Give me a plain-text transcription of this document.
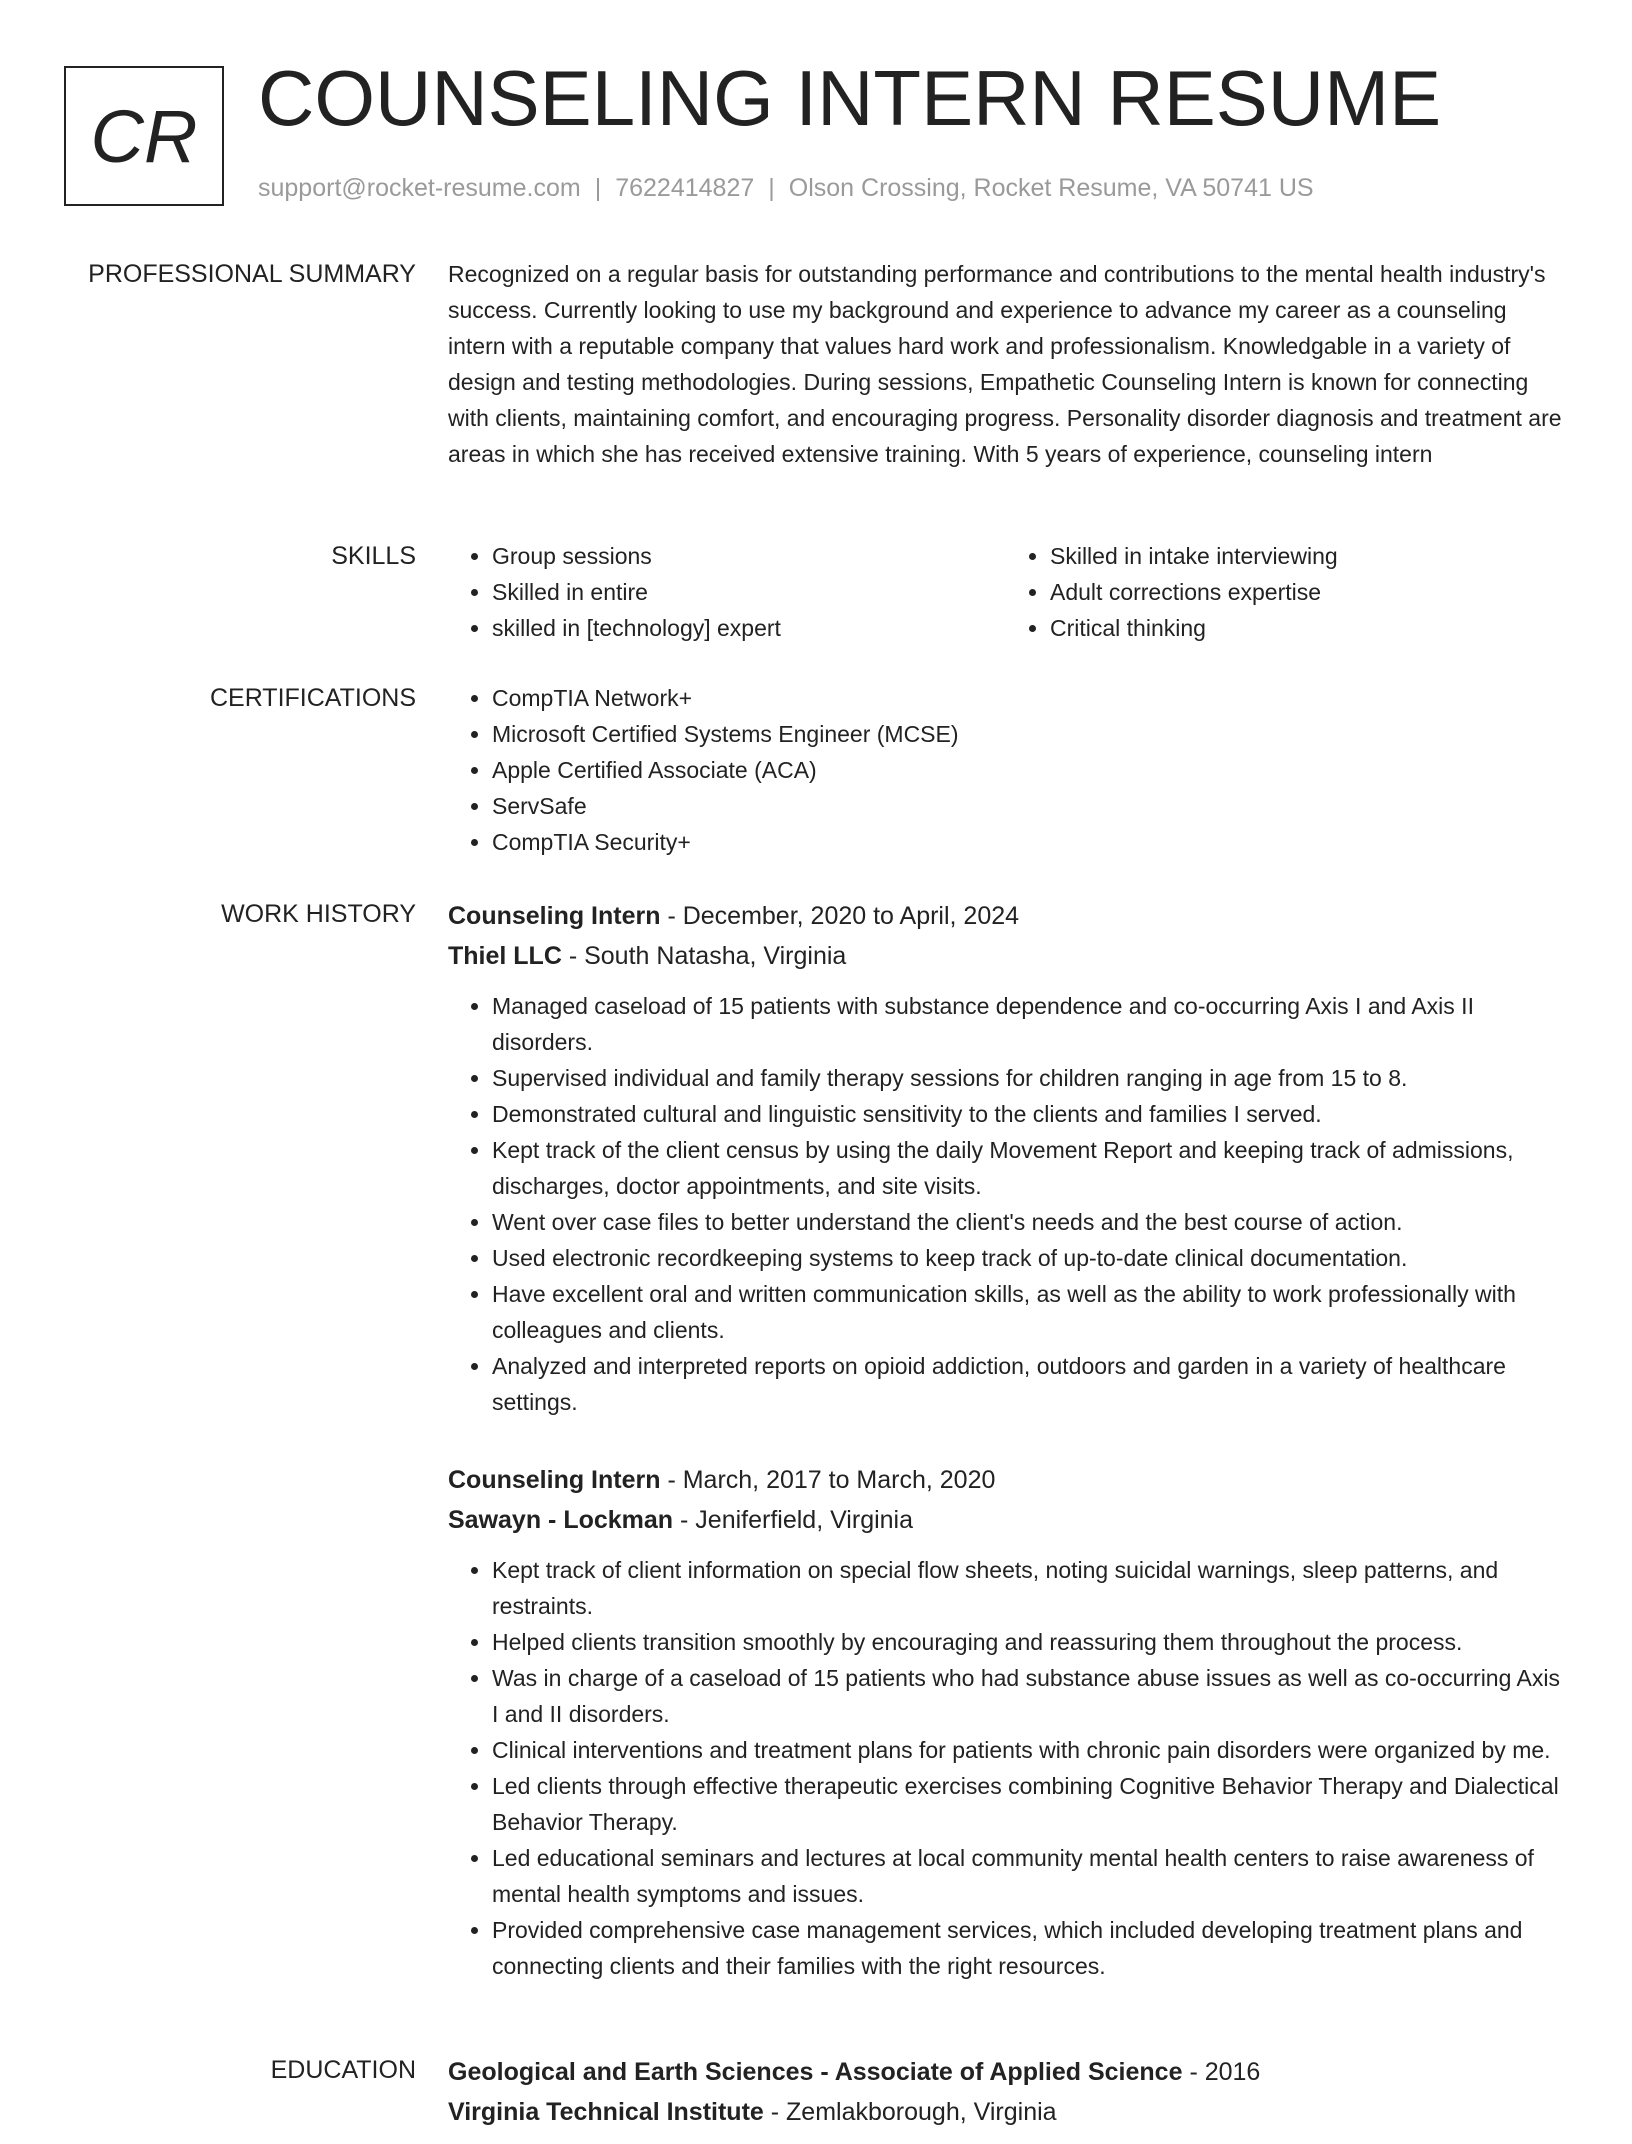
CR COUNSELING INTERN RESUME
support@rocket-resume.com | 7622414827 | Olson Crossing, Rocket Resume, VA 50741 US
PROFESSIONAL SUMMARY Recognized on a regular basis for outstanding performance and contributions to the mental health industry's success. Currently looking to use my background and experience to advance my career as a counseling intern with a reputable company that values hard work and professionalism. Knowledgable in a variety of design and testing methodologies. During sessions, Empathetic Counseling Intern is known for connecting with clients, maintaining comfort, and encouraging progress. Personality disorder diagnosis and treatment are areas in which she has received extensive training. With 5 years of experience, counseling intern

SKILLS	• Group sessions
• Skilled in entire
• skilled in [technology] expert
• Skilled in intake interviewing
• Adult corrections expertise
• Critical thinking
CERTIFICATIONS	• CompTIA Network+
• Microsoft Certified Systems Engineer (MCSE)
• Apple Certified Associate (ACA)
• ServSafe
• CompTIA Security+
WORK HISTORY Counseling Intern - December, 2020 to April, 2024
Thiel LLC - South Natasha, Virginia
• Managed caseload of 15 patients with substance dependence and co-occurring Axis I and Axis II disorders.
• Supervised individual and family therapy sessions for children ranging in age from 15 to 8.
• Demonstrated cultural and linguistic sensitivity to the clients and families I served.
• Kept track of the client census by using the daily Movement Report and keeping track of admissions, discharges, doctor appointments, and site visits.
• Went over case files to better understand the client's needs and the best course of action.
• Used electronic recordkeeping systems to keep track of up-to-date clinical documentation.
• Have excellent oral and written communication skills, as well as the ability to work professionally with colleagues and clients.
• Analyzed and interpreted reports on opioid addiction, outdoors and garden in a variety of healthcare settings.
Counseling Intern - March, 2017 to March, 2020
Sawayn - Lockman - Jeniferfield, Virginia
• Kept track of client information on special flow sheets, noting suicidal warnings, sleep patterns, and restraints.
• Helped clients transition smoothly by encouraging and reassuring them throughout the process.
• Was in charge of a caseload of 15 patients who had substance abuse issues as well as co-occurring Axis I and II disorders.
• Clinical interventions and treatment plans for patients with chronic pain disorders were organized by me.
• Led clients through effective therapeutic exercises combining Cognitive Behavior Therapy and Dialectical Behavior Therapy.
• Led educational seminars and lectures at local community mental health centers to raise awareness of mental health symptoms and issues.
• Provided comprehensive case management services, which included developing treatment plans and connecting clients and their families with the right resources.
EDUCATION Geological and Earth Sciences - Associate of Applied Science - 2016
Virginia Technical Institute - Zemlakborough, Virginia
